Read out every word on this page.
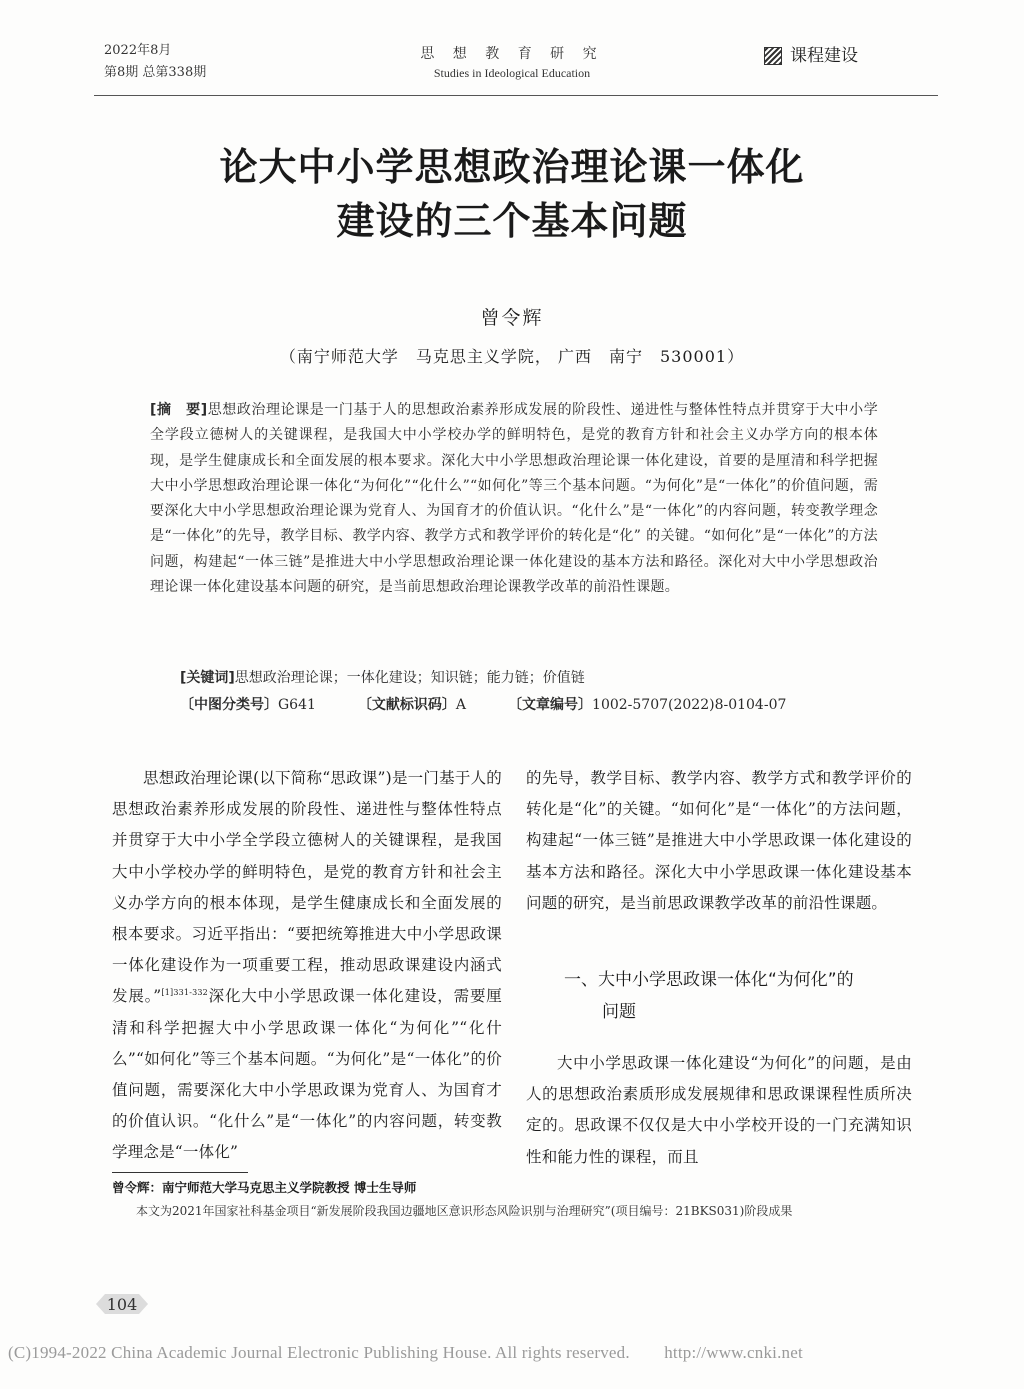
2022年8月
第8期 总第338期
思 想 教 育 研 究
Studies in Ideological Education
课程建设
论大中小学思想政治理论课一体化
建设的三个基本问题
曾令辉
（南宁师范大学　马克思主义学院， 广西　南宁　530001）
[摘　要]思想政治理论课是一门基于人的思想政治素养形成发展的阶段性、递进性与整体性特点并贯穿于大中小学全学段立德树人的关键课程，是我国大中小学校办学的鲜明特色，是党的教育方针和社会主义办学方向的根本体现，是学生健康成长和全面发展的根本要求。深化大中小学思想政治理论课一体化建设，首要的是厘清和科学把握大中小学思想政治理论课一体化“为何化”“化什么”“如何化”等三个基本问题。“为何化”是“一体化”的价值问题，需要深化大中小学思想政治理论课为党育人、为国育才的价值认识。“化什么”是“一体化”的内容问题，转变教学理念是“一体化”的先导，教学目标、教学内容、教学方式和教学评价的转化是“化” 的关键。“如何化”是“一体化”的方法问题，构建起“一体三链”是推进大中小学思想政治理论课一体化建设的基本方法和路径。深化对大中小学思想政治理论课一体化建设基本问题的研究，是当前思想政治理论课教学改革的前沿性课题。
[关键词]思想政治理论课；一体化建设；知识链；能力链；价值链
〔中图分类号〕G641	〔文献标识码〕A	〔文章编号〕1002-5707(2022)8-0104-07
思想政治理论课(以下简称“思政课”)是一门基于人的思想政治素养形成发展的阶段性、递进性与整体性特点并贯穿于大中小学全学段立德树人的关键课程，是我国大中小学校办学的鲜明特色，是党的教育方针和社会主义办学方向的根本体现，是学生健康成长和全面发展的根本要求。习近平指出：“要把统筹推进大中小学思政课一体化建设作为一项重要工程，推动思政课建设内涵式发展。”$^{[1]331-332}$深化大中小学思政课一体化建设，需要厘清和科学把握大中小学思政课一体化“为何化”“化什么”“如何化”等三个基本问题。“为何化”是“一体化”的价值问题，需要深化大中小学思政课为党育人、为国育才的价值认识。“化什么”是“一体化”的内容问题，转变教学理念是“一体化”
的先导，教学目标、教学内容、教学方式和教学评价的转化是“化”的关键。“如何化”是“一体化”的方法问题，构建起“一体三链”是推进大中小学思政课一体化建设的基本方法和路径。深化大中小学思政课一体化建设基本问题的研究，是当前思政课教学改革的前沿性课题。
一、大中小学思政课一体化“为何化”的
问题
大中小学思政课一体化建设“为何化”的问题，是由人的思想政治素质形成发展规律和思政课课程性质所决定的。思政课不仅仅是大中小学校开设的一门充满知识性和能力性的课程，而且
曾令辉：南宁师范大学马克思主义学院教授 博士生导师
本文为2021年国家社科基金项目“新发展阶段我国边疆地区意识形态风险识别与治理研究”(项目编号：21BKS031)阶段成果
104
(C)1994-2022 China Academic Journal Electronic Publishing House. All rights reserved.　　http://www.cnki.net
